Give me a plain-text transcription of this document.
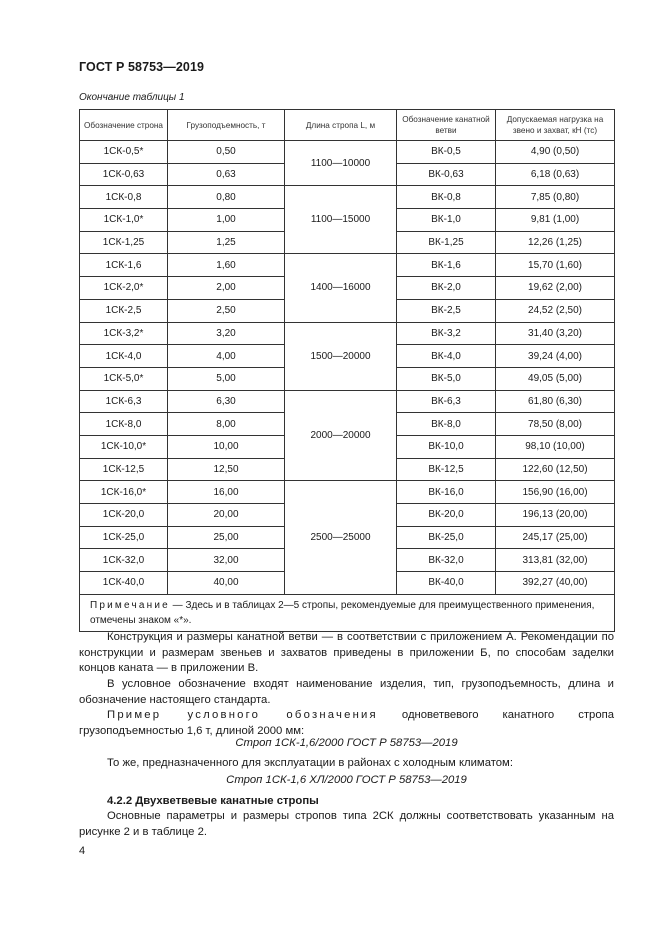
ГОСТ Р 58753—2019
Окончание таблицы 1
Обозначение строна	Грузоподъемность, т	Длина стропа L, м	Обозначение канатной ветви	Допускаемая нагрузка на звено и захват, кН (тс)
1СК-0,5*	0,50	1100—10000	ВК-0,5	4,90 (0,50)
1СК-0,63	0,63		ВК-0,63	6,18 (0,63)
1СК-0,8	0,80	1100—15000	ВК-0,8	7,85 (0,80)
1СК-1,0*	1,00		ВК-1,0	9,81 (1,00)
1СК-1,25	1,25		ВК-1,25	12,26 (1,25)
1СК-1,6	1,60	1400—16000	ВК-1,6	15,70 (1,60)
1СК-2,0*	2,00		ВК-2,0	19,62 (2,00)
1СК-2,5	2,50		ВК-2,5	24,52 (2,50)
1СК-3,2*	3,20	1500—20000	ВК-3,2	31,40 (3,20)
1СК-4,0	4,00		ВК-4,0	39,24 (4,00)
1СК-5,0*	5,00		ВК-5,0	49,05 (5,00)
1СК-6,3	6,30	2000—20000	ВК-6,3	61,80 (6,30)
1СК-8,0	8,00		ВК-8,0	78,50 (8,00)
1СК-10,0*	10,00		ВК-10,0	98,10 (10,00)
1СК-12,5	12,50		ВК-12,5	122,60 (12,50)
1СК-16,0*	16,00	2500—25000	ВК-16,0	156,90 (16,00)
1СК-20,0	20,00		ВК-20,0	196,13 (20,00)
1СК-25,0	25,00		ВК-25,0	245,17 (25,00)
1СК-32,0	32,00		ВК-32,0	313,81 (32,00)
1СК-40,0	40,00		ВК-40,0	392,27 (40,00)
Примечание — Здесь и в таблицах 2—5 стропы, рекомендуемые для преимущественного применения, отмечены знаком «*».				
Конструкция и размеры канатной ветви — в соответствии с приложением А. Рекомендации по конструкции и размерам звеньев и захватов приведены в приложении Б, по способам заделки концов каната — в приложении В.
В условное обозначение входят наименование изделия, тип, грузоподъемность, длина и обозначение настоящего стандарта.
Пример условного обозначения одноветвевого канатного стропа грузоподъемностью 1,6 т, длиной 2000 мм:
Строп 1СК-1,6/2000 ГОСТ Р 58753—2019
То же, предназначенного для эксплуатации в районах с холодным климатом:
Строп 1СК-1,6 ХЛ/2000 ГОСТ Р 58753—2019
4.2.2 Двухветвевые канатные стропы
Основные параметры и размеры стропов типа 2СК должны соответствовать указанным на рисунке 2 и в таблице 2.
4
